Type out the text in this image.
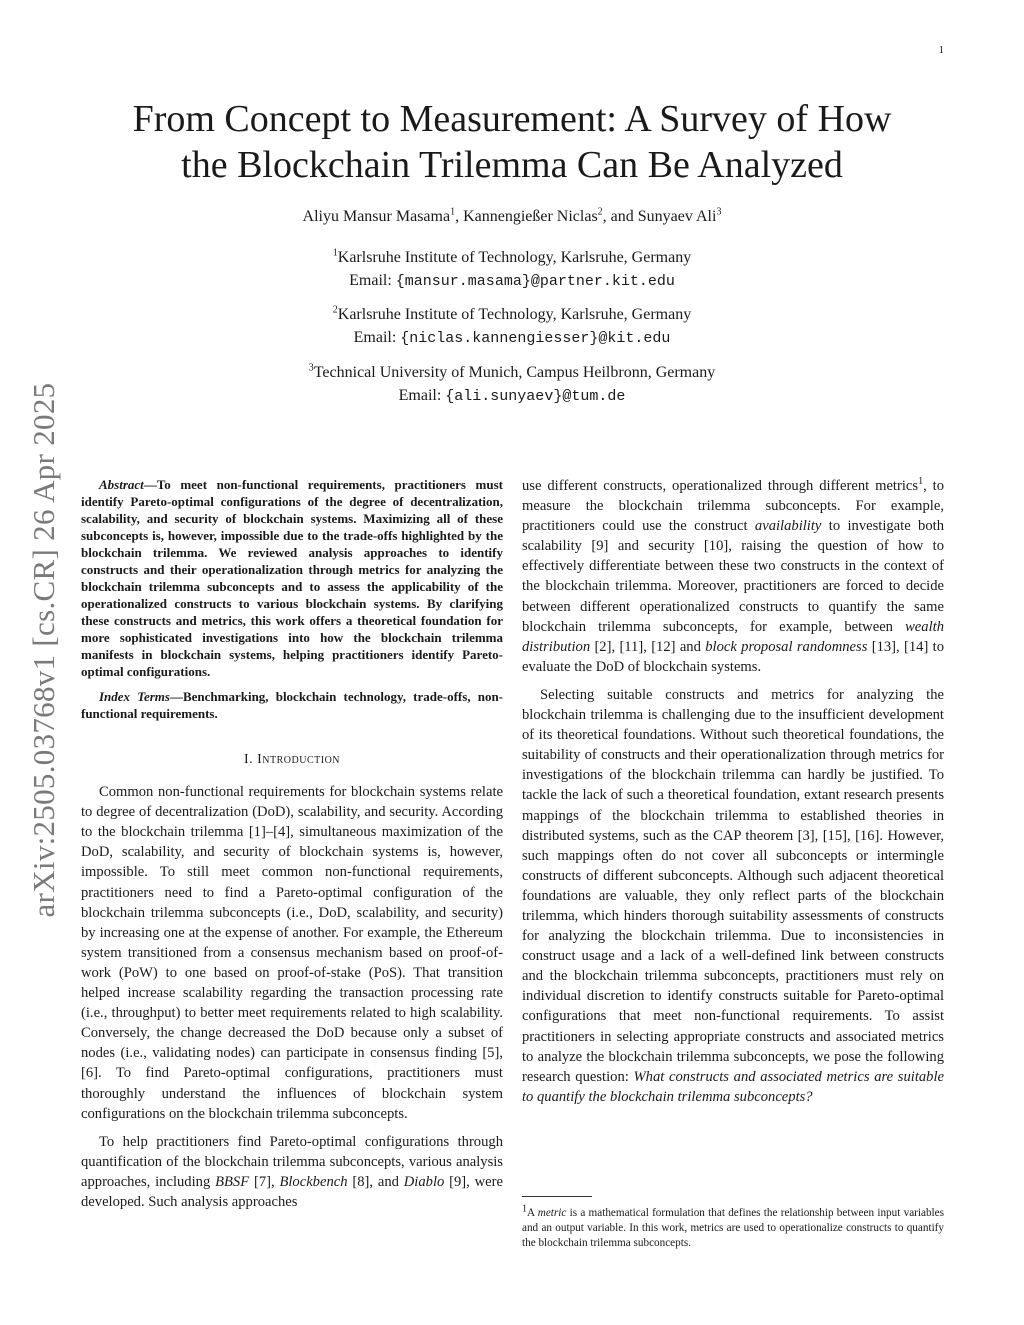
1
arXiv:2505.03768v1 [cs.CR] 26 Apr 2025
From Concept to Measurement: A Survey of How
the Blockchain Trilemma Can Be Analyzed
Aliyu Mansur Masama$^1$, Kannengießer Niclas$^2$, and Sunyaev Ali$^3$
$^1$Karlsruhe Institute of Technology, Karlsruhe, Germany
Email: {mansur.masama}@partner.kit.edu
$^2$Karlsruhe Institute of Technology, Karlsruhe, Germany
Email: {niclas.kannengiesser}@kit.edu
$^3$Technical University of Munich, Campus Heilbronn, Germany
Email: {ali.sunyaev}@tum.de

Abstract—To meet non-functional requirements, practitioners must identify Pareto-optimal configurations of the degree of decentralization, scalability, and security of blockchain systems. Maximizing all of these subconcepts is, however, impossible due to the trade-offs highlighted by the blockchain trilemma. We reviewed analysis approaches to identify constructs and their operationalization through metrics for analyzing the blockchain trilemma subconcepts and to assess the applicability of the operationalized constructs to various blockchain systems. By clarifying these constructs and metrics, this work offers a theoretical foundation for more sophisticated investigations into how the blockchain trilemma manifests in blockchain systems, helping practitioners identify Pareto-optimal configurations.

Index Terms—Benchmarking, blockchain technology, trade-offs, non-functional requirements.

I. Introduction

Common non-functional requirements for blockchain systems relate to degree of decentralization (DoD), scalability, and security. According to the blockchain trilemma [1]–[4], simultaneous maximization of the DoD, scalability, and security of blockchain systems is, however, impossible. To still meet common non-functional requirements, practitioners need to find a Pareto-optimal configuration of the blockchain trilemma subconcepts (i.e., DoD, scalability, and security) by increasing one at the expense of another. For example, the Ethereum system transitioned from a consensus mechanism based on proof-of-work (PoW) to one based on proof-of-stake (PoS). That transition helped increase scalability regarding the transaction processing rate (i.e., throughput) to better meet requirements related to high scalability. Conversely, the change decreased the DoD because only a subset of nodes (i.e., validating nodes) can participate in consensus finding [5], [6]. To find Pareto-optimal configurations, practitioners must thoroughly understand the influences of blockchain system configurations on the blockchain trilemma subconcepts.

To help practitioners find Pareto-optimal configurations through quantification of the blockchain trilemma subconcepts, various analysis approaches, including BBSF [7], Blockbench [8], and Diablo [9], were developed. Such analysis approaches

use different constructs, operationalized through different metrics$^1$, to measure the blockchain trilemma subconcepts. For example, practitioners could use the construct availability to investigate both scalability [9] and security [10], raising the question of how to effectively differentiate between these two constructs in the context of the blockchain trilemma. Moreover, practitioners are forced to decide between different operationalized constructs to quantify the same blockchain trilemma subconcepts, for example, between wealth distribution [2], [11], [12] and block proposal randomness [13], [14] to evaluate the DoD of blockchain systems.

Selecting suitable constructs and metrics for analyzing the blockchain trilemma is challenging due to the insufficient development of its theoretical foundations. Without such theoretical foundations, the suitability of constructs and their operationalization through metrics for investigations of the blockchain trilemma can hardly be justified. To tackle the lack of such a theoretical foundation, extant research presents mappings of the blockchain trilemma to established theories in distributed systems, such as the CAP theorem [3], [15], [16]. However, such mappings often do not cover all subconcepts or intermingle constructs of different subconcepts. Although such adjacent theoretical foundations are valuable, they only reflect parts of the blockchain trilemma, which hinders thorough suitability assessments of constructs for analyzing the blockchain trilemma. Due to inconsistencies in construct usage and a lack of a well-defined link between constructs and the blockchain trilemma subconcepts, practitioners must rely on individual discretion to identify constructs suitable for Pareto-optimal configurations that meet non-functional requirements. To assist practitioners in selecting appropriate constructs and associated metrics to analyze the blockchain trilemma subconcepts, we pose the following research question: What constructs and associated metrics are suitable to quantify the blockchain trilemma subconcepts?

$^1$A metric is a mathematical formulation that defines the relationship between input variables and an output variable. In this work, metrics are used to operationalize constructs to quantify the blockchain trilemma subconcepts.
